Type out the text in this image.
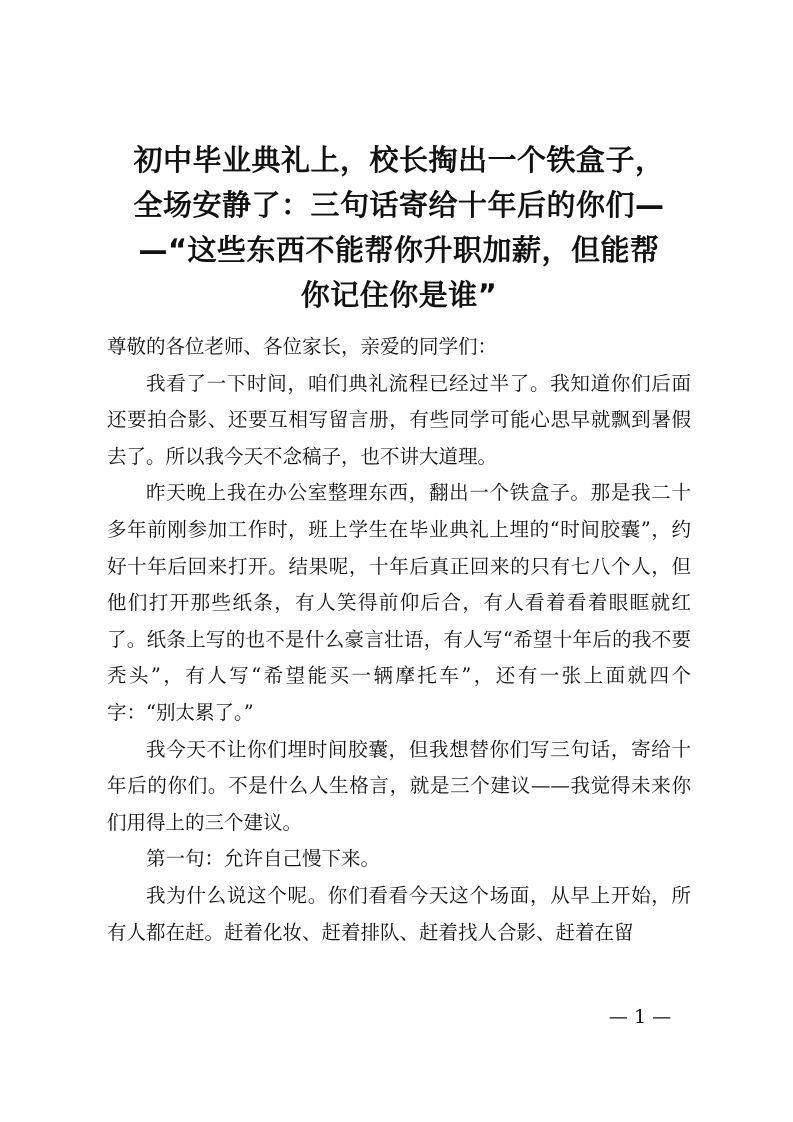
初中毕业典礼上，校长掏出一个铁盒子，
全场安静了：三句话寄给十年后的你们—
—“这些东西不能帮你升职加薪，但能帮
你记住你是谁”

尊敬的各位老师、各位家长，亲爱的同学们：

我看了一下时间，咱们典礼流程已经过半了。我知道你们后面还要拍合影、还要互相写留言册，有些同学可能心思早就飘到暑假去了。所以我今天不念稿子，也不讲大道理。

昨天晚上我在办公室整理东西，翻出一个铁盒子。那是我二十多年前刚参加工作时，班上学生在毕业典礼上埋的“时间胶囊”，约好十年后回来打开。结果呢，十年后真正回来的只有七八个人，但他们打开那些纸条，有人笑得前仰后合，有人看着看着眼眶就红了。纸条上写的也不是什么豪言壮语，有人写“希望十年后的我不要秃头”，有人写“希望能买一辆摩托车”，还有一张上面就四个字：“别太累了。”

我今天不让你们埋时间胶囊，但我想替你们写三句话，寄给十年后的你们。不是什么人生格言，就是三个建议——我觉得未来你们用得上的三个建议。

第一句：允许自己慢下来。

我为什么说这个呢。你们看看今天这个场面，从早上开始，所有人都在赶。赶着化妆、赶着排队、赶着找人合影、赶着在留

— 1 —
